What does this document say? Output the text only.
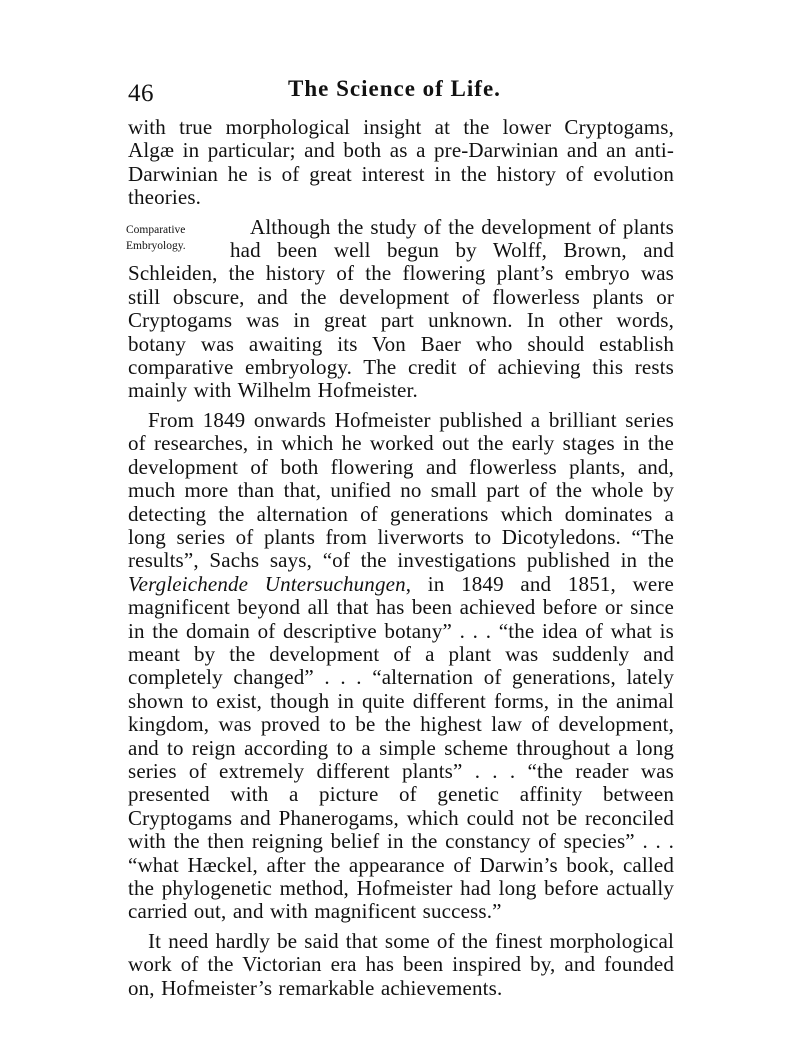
46	The Science of Life.

with true morphological insight at the lower Cryptogams, Algæ in particular; and both as a pre-Darwinian and an anti-Darwinian he is of great interest in the history of evolution theories.

Comparative
Embryology.
Although the study of the development of plants had been well begun by Wolff, Brown, and Schleiden, the history of the flowering plant’s embryo was still obscure, and the development of flowerless plants or Cryptogams was in great part unknown. In other words, botany was awaiting its Von Baer who should establish comparative embryology. The credit of achieving this rests mainly with Wilhelm Hofmeister.

From 1849 onwards Hofmeister published a brilliant series of researches, in which he worked out the early stages in the development of both flowering and flowerless plants, and, much more than that, unified no small part of the whole by detecting the alternation of generations which dominates a long series of plants from liverworts to Dicotyledons. “The results”, Sachs says, “of the investigations published in the Vergleichende Untersuchungen, in 1849 and 1851, were magnificent beyond all that has been achieved before or since in the domain of descriptive botany” . . . “the idea of what is meant by the development of a plant was suddenly and completely changed” . . . “alternation of generations, lately shown to exist, though in quite different forms, in the animal kingdom, was proved to be the highest law of development, and to reign according to a simple scheme throughout a long series of extremely different plants” . . . “the reader was presented with a picture of genetic affinity between Cryptogams and Phanerogams, which could not be reconciled with the then reigning belief in the constancy of species” . . . “what Hæckel, after the appearance of Darwin’s book, called the phylogenetic method, Hofmeister had long before actually carried out, and with magnificent success.”

It need hardly be said that some of the finest morphological work of the Victorian era has been inspired by, and founded on, Hofmeister’s remarkable achievements.
